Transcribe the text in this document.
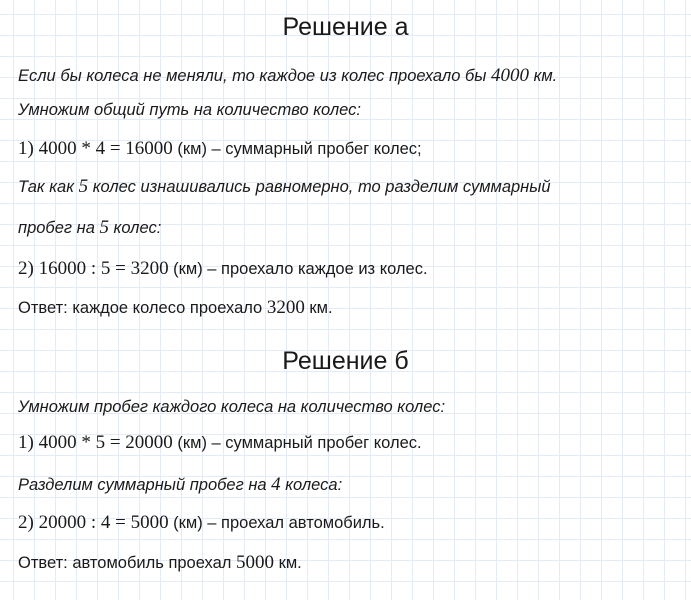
Решение а
Если бы колеса не меняли, то каждое из колес проехало бы 4000 км.
Умножим общий путь на количество колес:
1) 4000 * 4 = 16000 (км) – суммарный пробег колес;
Так как 5 колес изнашивались равномерно, то разделим суммарный
пробег на 5 колес:
2) 16000 : 5 = 3200 (км) – проехало каждое из колес.
Ответ: каждое колесо проехало 3200 км.
Решение б
Умножим пробег каждого колеса на количество колес:
1) 4000 * 5 = 20000 (км) – суммарный пробег колес.
Разделим суммарный пробег на 4 колеса:
2) 20000 : 4 = 5000 (км) – проехал автомобиль.
Ответ: автомобиль проехал 5000 км.
